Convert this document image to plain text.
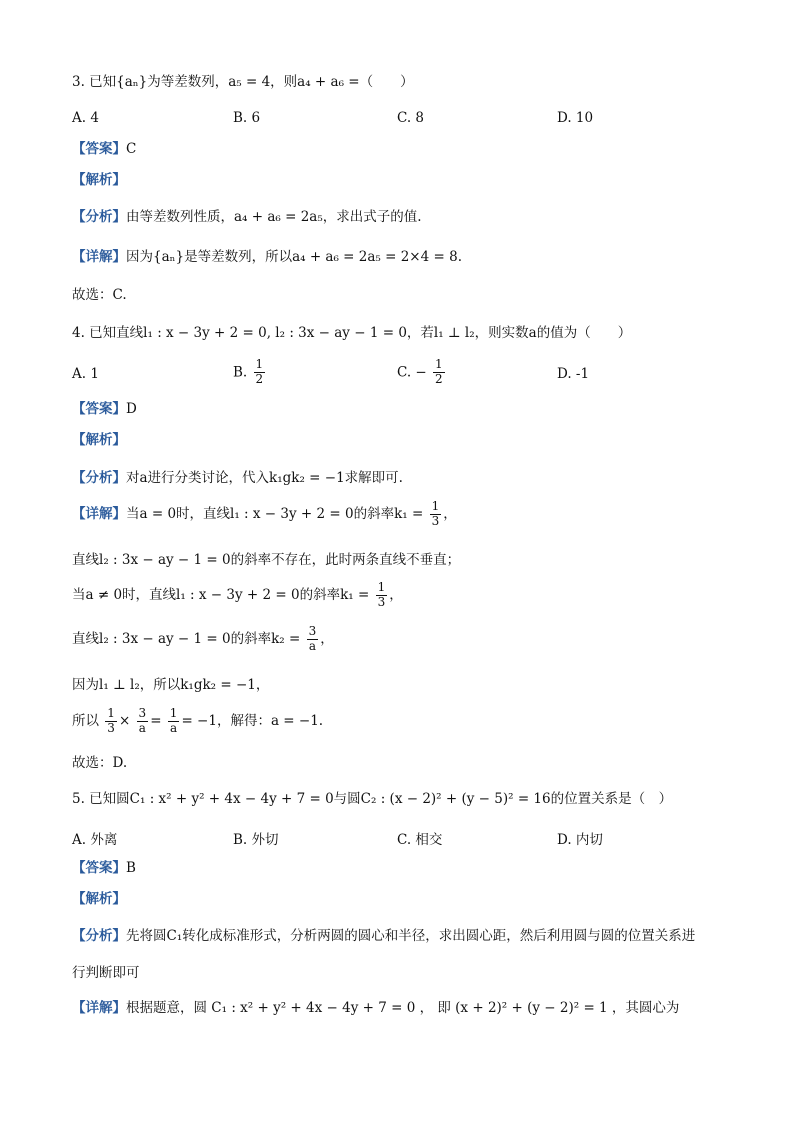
3. 已知{aₙ}为等差数列，a₅ = 4，则a₄ + a₆ =（　　）
A. 4	B. 6	C. 8	D. 10
【答案】C
【解析】
【分析】由等差数列性质，a₄ + a₆ = 2a₅，求出式子的值.
【详解】因为{aₙ}是等差数列，所以a₄ + a₆ = 2a₅ = 2×4 = 8.
故选：C.
4. 已知直线l₁ : x − 3y + 2 = 0, l₂ : 3x − ay − 1 = 0，若l₁ ⊥ l₂，则实数a的值为（　　）
A. 1	B. $\frac{1}{2}$	C. − $\frac{1}{2}$	D. -1
【答案】D
【解析】
【分析】对a进行分类讨论，代入k₁gk₂ = −1求解即可.
【详解】当a = 0时，直线l₁ : x − 3y + 2 = 0的斜率$k_1 = \frac{1}{3}$ ，
直线l₂ : 3x − ay − 1 = 0的斜率不存在，此时两条直线不垂直；
当a ≠ 0时，直线l₁ : x − 3y + 2 = 0的斜率$k_1 = \frac{1}{3}$ ，
直线l₂ : 3x − ay − 1 = 0的斜率$k_2 = \frac{3}{a}$ ，
因为l₁ ⊥ l₂，所以k₁gk₂ = −1，
所以 $\frac{1}{3} \times \frac{3}{a} = \frac{1}{a} = -1$，解得：a = −1.
故选：D.
5. 已知圆C₁ : x² + y² + 4x − 4y + 7 = 0与圆C₂ : (x − 2)² + (y − 5)² = 16的位置关系是（　）
A. 外离	B. 外切	C. 相交	D. 内切
【答案】B
【解析】
【分析】先将圆C₁转化成标准形式，分析两圆的圆心和半径，求出圆心距，然后利用圆与圆的位置关系进
行判断即可
【详解】根据题意，圆 C₁ : x² + y² + 4x − 4y + 7 = 0 ， 即 (x + 2)² + (y − 2)² = 1 ，其圆心为
